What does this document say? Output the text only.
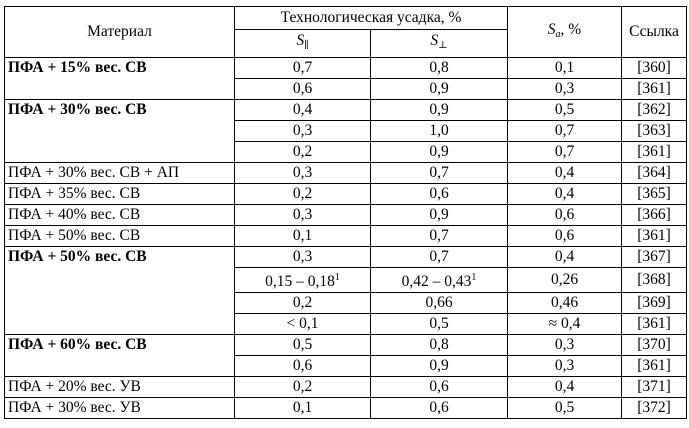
Материал	Технологическая усадка, %		$S_a$, %	Ссылка
	$S_\parallel$	$S_\perp$
ПФА + 15% вес. СВ	0,7	0,8	0,1	[360]
	0,6	0,9	0,3	[361]
ПФА + 30% вес. СВ	0,4	0,9	0,5	[362]
	0,3	1,0	0,7	[363]
	0,2	0,9	0,7	[361]
ПФА + 30% вес. СВ + АП	0,3	0,7	0,4	[364]
ПФА + 35% вес. СВ	0,2	0,6	0,4	[365]
ПФА + 40% вес. СВ	0,3	0,9	0,6	[366]
ПФА + 50% вес. СВ	0,1	0,7	0,6	[361]
ПФА + 50% вес. СВ	0,3	0,7	0,4	[367]
	0,15 – 0,18$^1$	0,42 – 0,43$^1$	0,26	[368]
	0,2	0,66	0,46	[369]
	< 0,1	0,5	≈ 0,4	[361]
ПФА + 60% вес. СВ	0,5	0,8	0,3	[370]
	0,6	0,9	0,3	[361]
ПФА + 20% вес. УВ	0,2	0,6	0,4	[371]
ПФА + 30% вес. УВ	0,1	0,6	0,5	[372]
